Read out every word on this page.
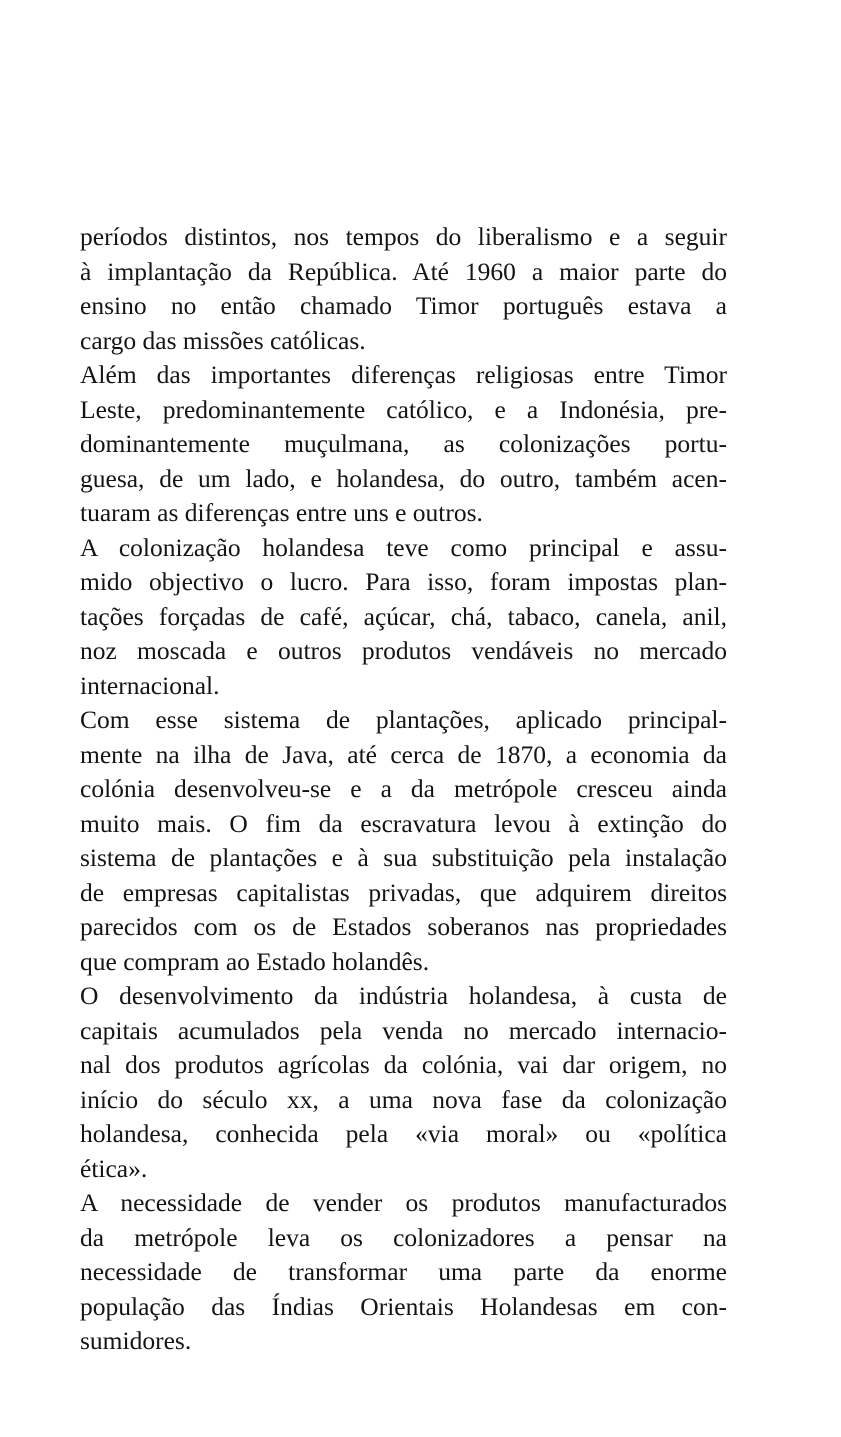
períodos distintos, nos tempos do liberalismo e a seguir
à implantação da República. Até 1960 a maior parte do
ensino no então chamado Timor português estava a
cargo das missões católicas.
Além das importantes diferenças religiosas entre Timor
Leste, predominantemente católico, e a Indonésia, pre-
dominantemente muçulmana, as colonizações portu-
guesa, de um lado, e holandesa, do outro, também acen-
tuaram as diferenças entre uns e outros.
A colonização holandesa teve como principal e assu-
mido objectivo o lucro. Para isso, foram impostas plan-
tações forçadas de café, açúcar, chá, tabaco, canela, anil,
noz moscada e outros produtos vendáveis no mercado
internacional.
Com esse sistema de plantações, aplicado principal-
mente na ilha de Java, até cerca de 1870, a economia da
colónia desenvolveu-se e a da metrópole cresceu ainda
muito mais. O fim da escravatura levou à extinção do
sistema de plantações e à sua substituição pela instalação
de empresas capitalistas privadas, que adquirem direitos
parecidos com os de Estados soberanos nas propriedades
que compram ao Estado holandês.
O desenvolvimento da indústria holandesa, à custa de
capitais acumulados pela venda no mercado internacio-
nal dos produtos agrícolas da colónia, vai dar origem, no
início do século xx, a uma nova fase da colonização
holandesa, conhecida pela «via moral» ou «política
ética».
A necessidade de vender os produtos manufacturados
da metrópole leva os colonizadores a pensar na
necessidade de transformar uma parte da enorme
população das Índias Orientais Holandesas em con-
sumidores.
